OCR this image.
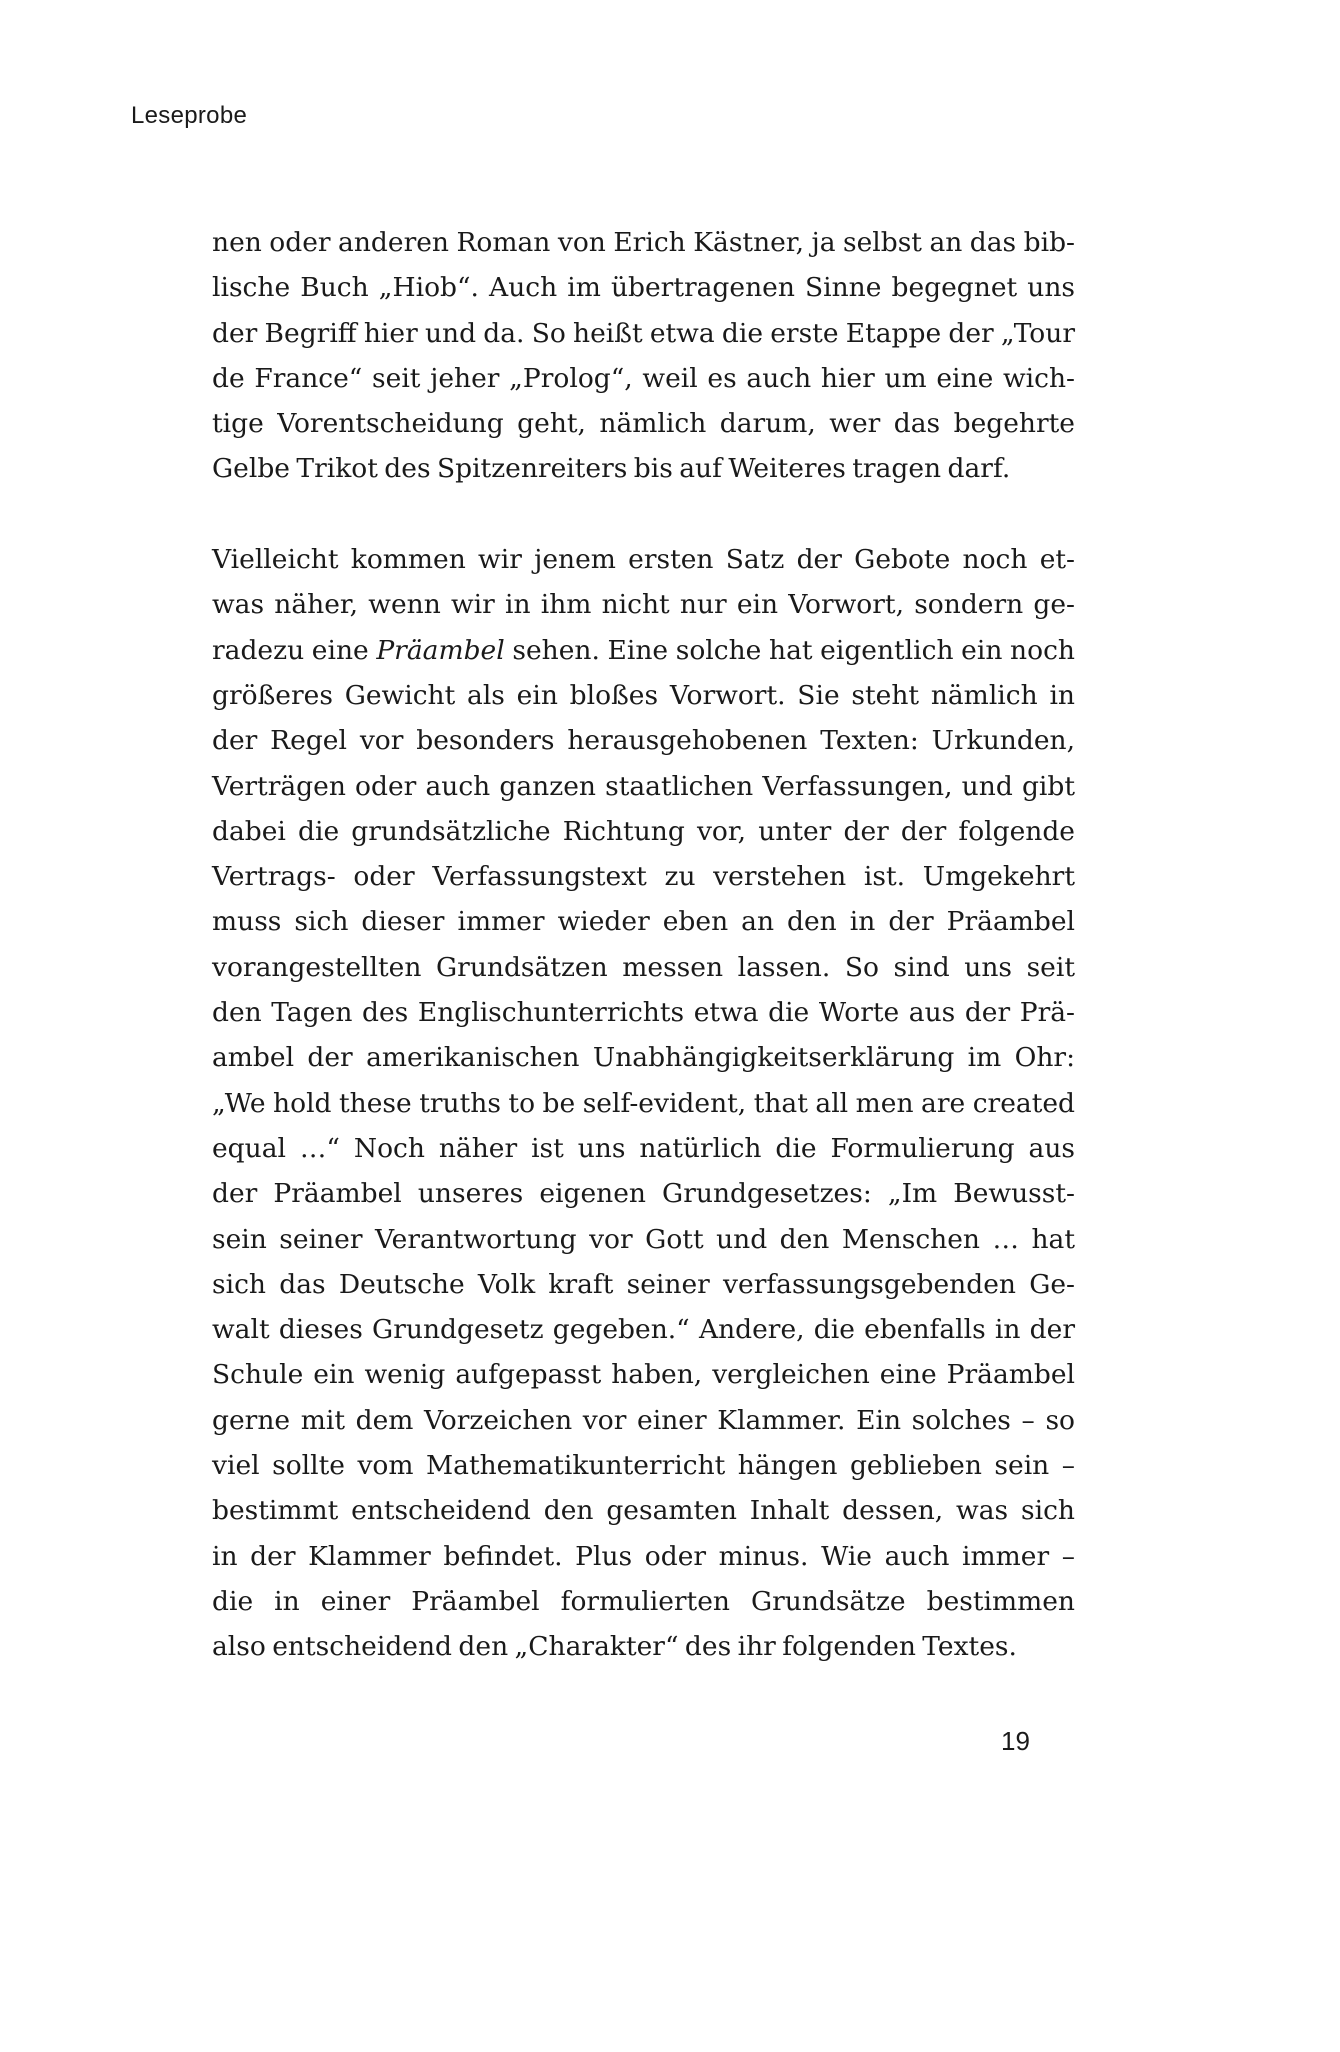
Leseprobe

nen oder anderen Roman von Erich Kästner, ja selbst an das bib-
lische Buch „Hiob“. Auch im übertragenen Sinne begegnet uns
der Begriff hier und da. So heißt etwa die erste Etappe der „Tour
de France“ seit jeher „Prolog“, weil es auch hier um eine wich-
tige Vorentscheidung geht, nämlich darum, wer das begehrte
Gelbe Trikot des Spitzenreiters bis auf Weiteres tragen darf.

Vielleicht kommen wir jenem ersten Satz der Gebote noch et-
was näher, wenn wir in ihm nicht nur ein Vorwort, sondern ge-
radezu eine Präambel sehen. Eine solche hat eigentlich ein noch
größeres Gewicht als ein bloßes Vorwort. Sie steht nämlich in
der Regel vor besonders herausgehobenen Texten: Urkunden,
Verträgen oder auch ganzen staatlichen Verfassungen, und gibt
dabei die grundsätzliche Richtung vor, unter der der folgende
Vertrags- oder Verfassungstext zu verstehen ist. Umgekehrt
muss sich dieser immer wieder eben an den in der Präambel
vorangestellten Grundsätzen messen lassen. So sind uns seit
den Tagen des Englischunterrichts etwa die Worte aus der Prä-
ambel der amerikanischen Unabhängigkeitserklärung im Ohr:
„We hold these truths to be self-evident, that all men are created
equal …“ Noch näher ist uns natürlich die Formulierung aus
der Präambel unseres eigenen Grundgesetzes: „Im Bewusst-
sein seiner Verantwortung vor Gott und den Menschen … hat
sich das Deutsche Volk kraft seiner verfassungsgebenden Ge-
walt dieses Grundgesetz gegeben.“ Andere, die ebenfalls in der
Schule ein wenig aufgepasst haben, vergleichen eine Präambel
gerne mit dem Vorzeichen vor einer Klammer. Ein solches – so
viel sollte vom Mathematikunterricht hängen geblieben sein –
bestimmt entscheidend den gesamten Inhalt dessen, was sich
in der Klammer befindet. Plus oder minus. Wie auch immer –
die in einer Präambel formulierten Grundsätze bestimmen
also entscheidend den „Charakter“ des ihr folgenden Textes.

19
